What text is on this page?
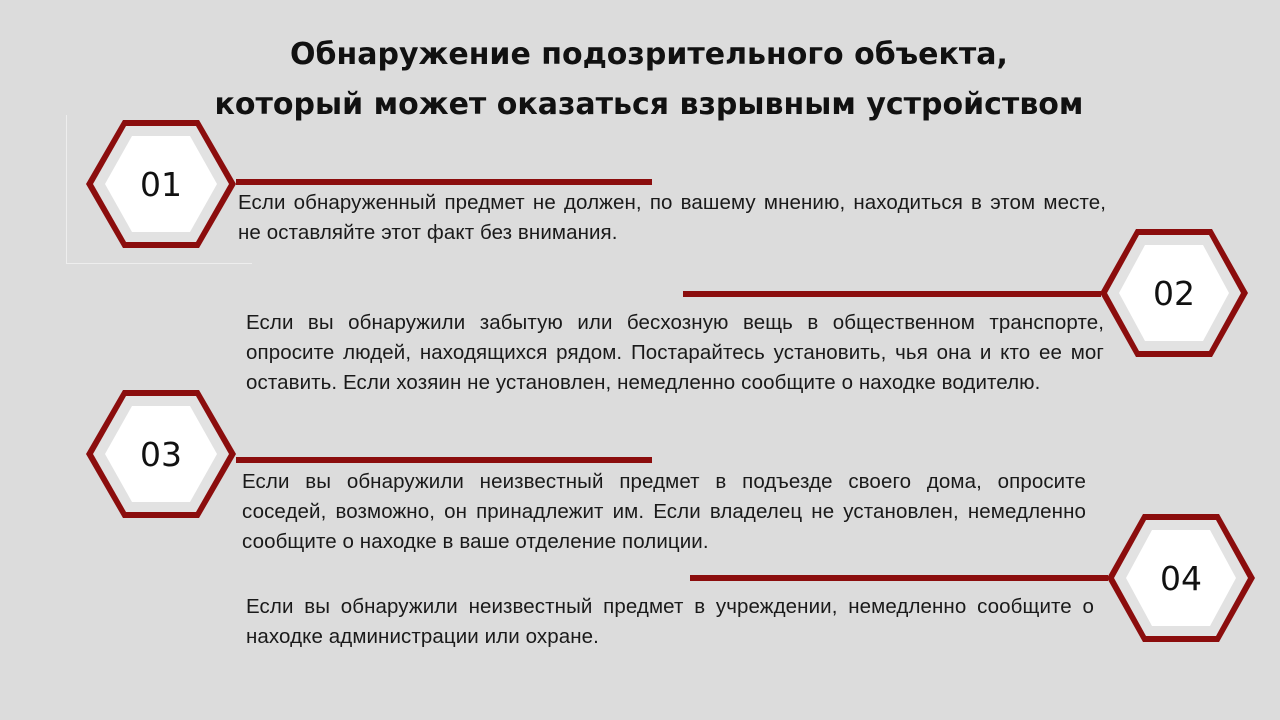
Обнаружение подозрительного объекта,
который может оказаться взрывным устройством
01	Если обнаруженный предмет не должен, по вашему мнению, находиться в этом месте, не оставляйте этот факт без внимания.
02
Если вы обнаружили забытую или бесхозную вещь в общественном транспорте, опросите людей, находящихся рядом. Постарайтесь установить, чья она и кто ее мог оставить. Если хозяин не установлен, немедленно сообщите о находке водителю.
03
Если вы обнаружили неизвестный предмет в подъезде своего дома, опросите соседей, возможно, он принадлежит им. Если владелец не установлен, немедленно сообщите о находке в ваше отделение полиции.
04
Если вы обнаружили неизвестный предмет в учреждении, немедленно сообщите о находке администрации или охране.
